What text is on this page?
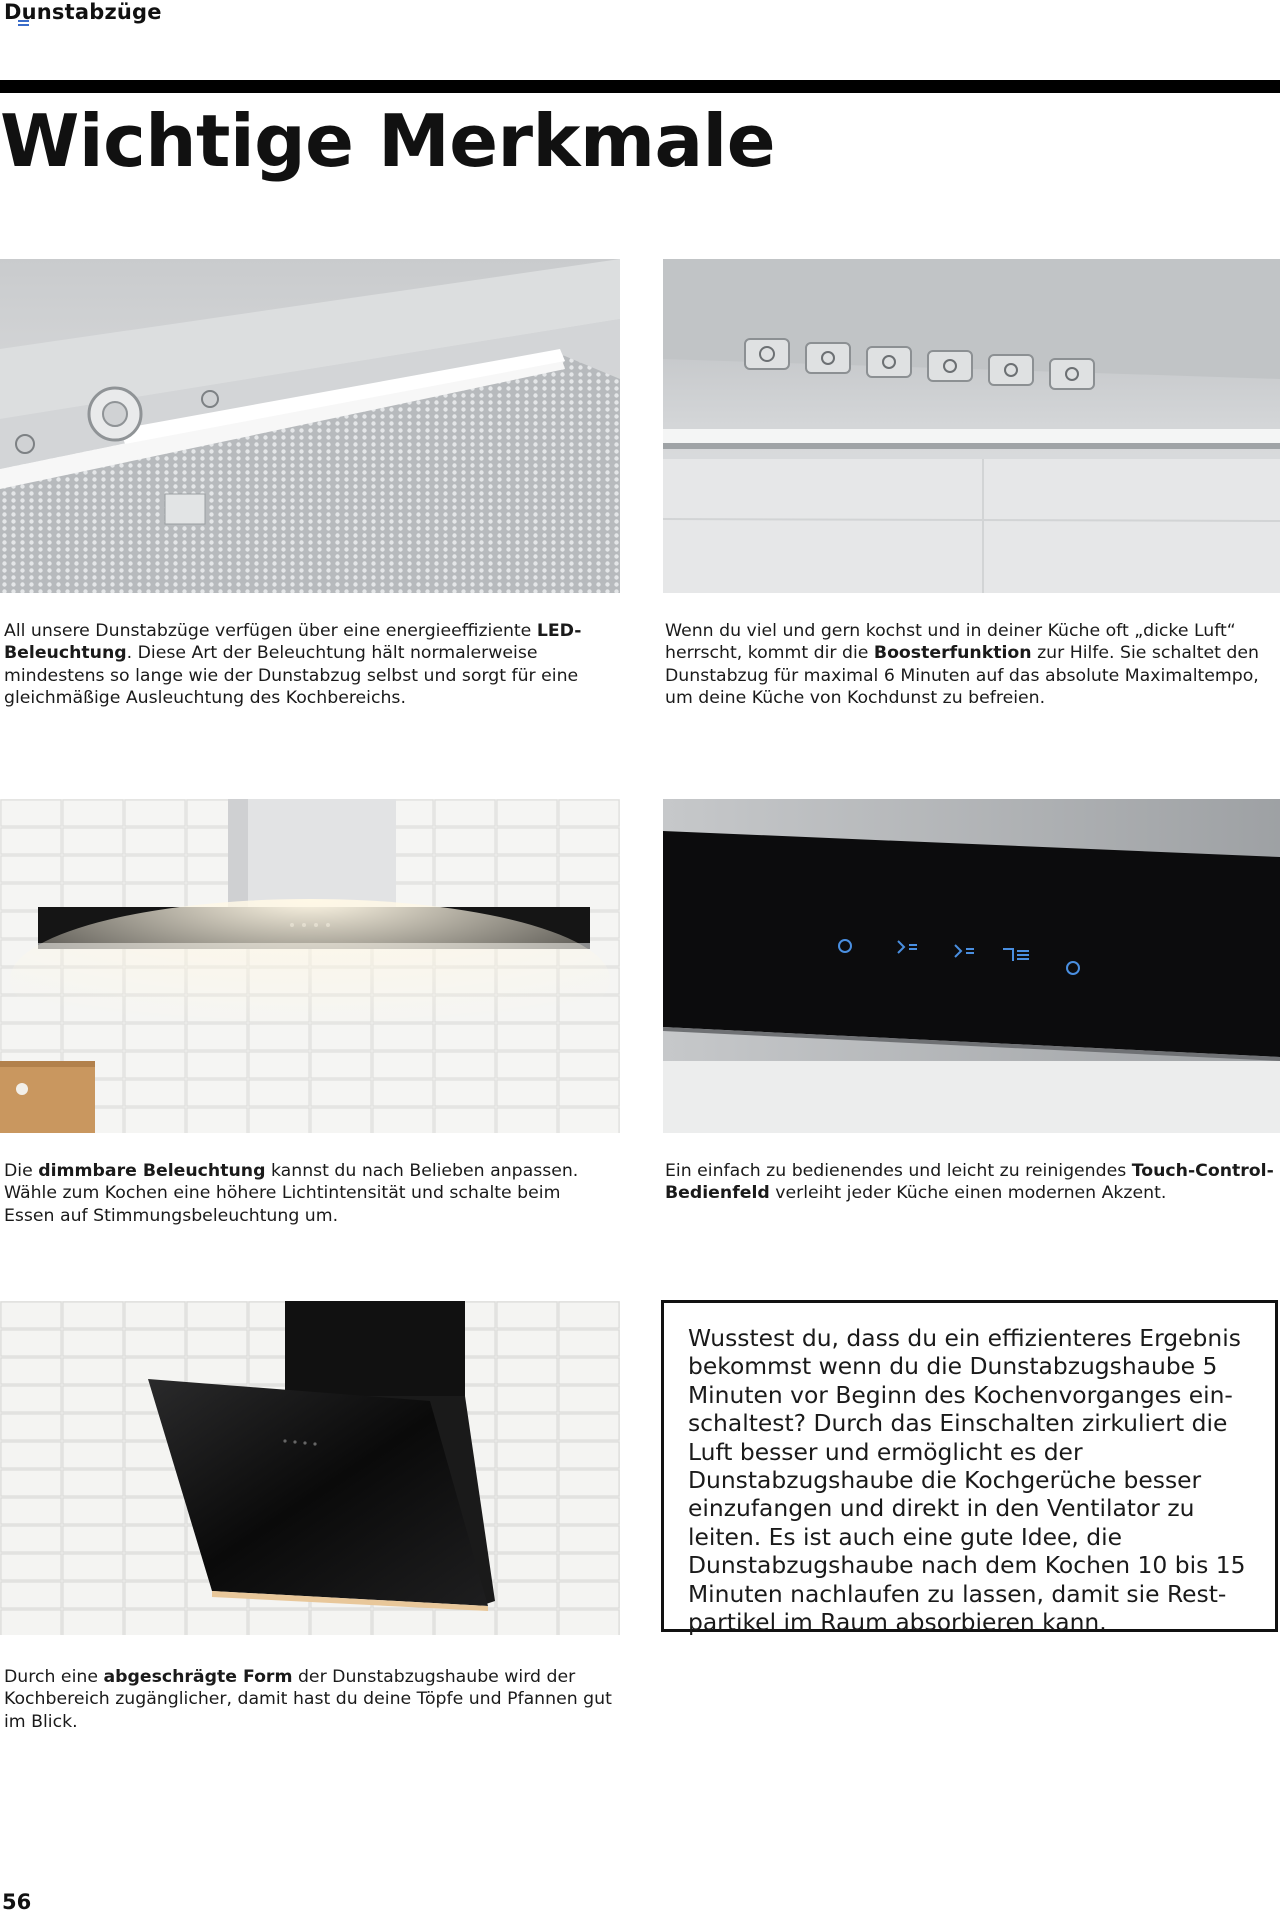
Dunstabzüge
Wichtige Merkmale

All unsere Dunstabzüge verfügen über eine energieeffiziente LED-Beleuchtung. Diese Art der Beleuchtung hält normalerweise mindestens so lange wie der Dunstabzug selbst und sorgt für eine gleichmäßige Ausleuchtung des Kochbereichs.

Wenn du viel und gern kochst und in deiner Küche oft „dicke Luft“ herrscht, kommt dir die Boosterfunktion zur Hilfe. Sie schaltet den Dunstabzug für maximal 6 Minuten auf das absolute Maximaltempo, um deine Küche von Kochdunst zu befreien.

Die dimmbare Beleuchtung kannst du nach Belieben anpassen. Wähle zum Kochen eine höhere Lichtintensität und schalte beim Essen auf Stimmungsbeleuchtung um.

Ein einfach zu bedienendes und leicht zu reinigendes Touch-Control-Bedienfeld verleiht jeder Küche einen modernen Akzent.

Wusstest du, dass du ein effizienteres Ergebnis bekommst wenn du die Dunstabzugshaube 5 Minuten vor Beginn des Kochenvorganges einschaltest? Durch das Einschalten zirkuliert die Luft besser und ermöglicht es der Dunstabzugshaube die Kochgerüche besser einzufangen und direkt in den Ventilator zu leiten. Es ist auch eine gute Idee, die Dunstabzugshaube nach dem Kochen 10 bis 15 Minuten nachlaufen zu lassen, damit sie Restpartikel im Raum absorbieren kann.

Durch eine abgeschrägte Form der Dunstabzugshaube wird der Kochbereich zugänglicher, damit hast du deine Töpfe und Pfannen gut im Blick.

56
